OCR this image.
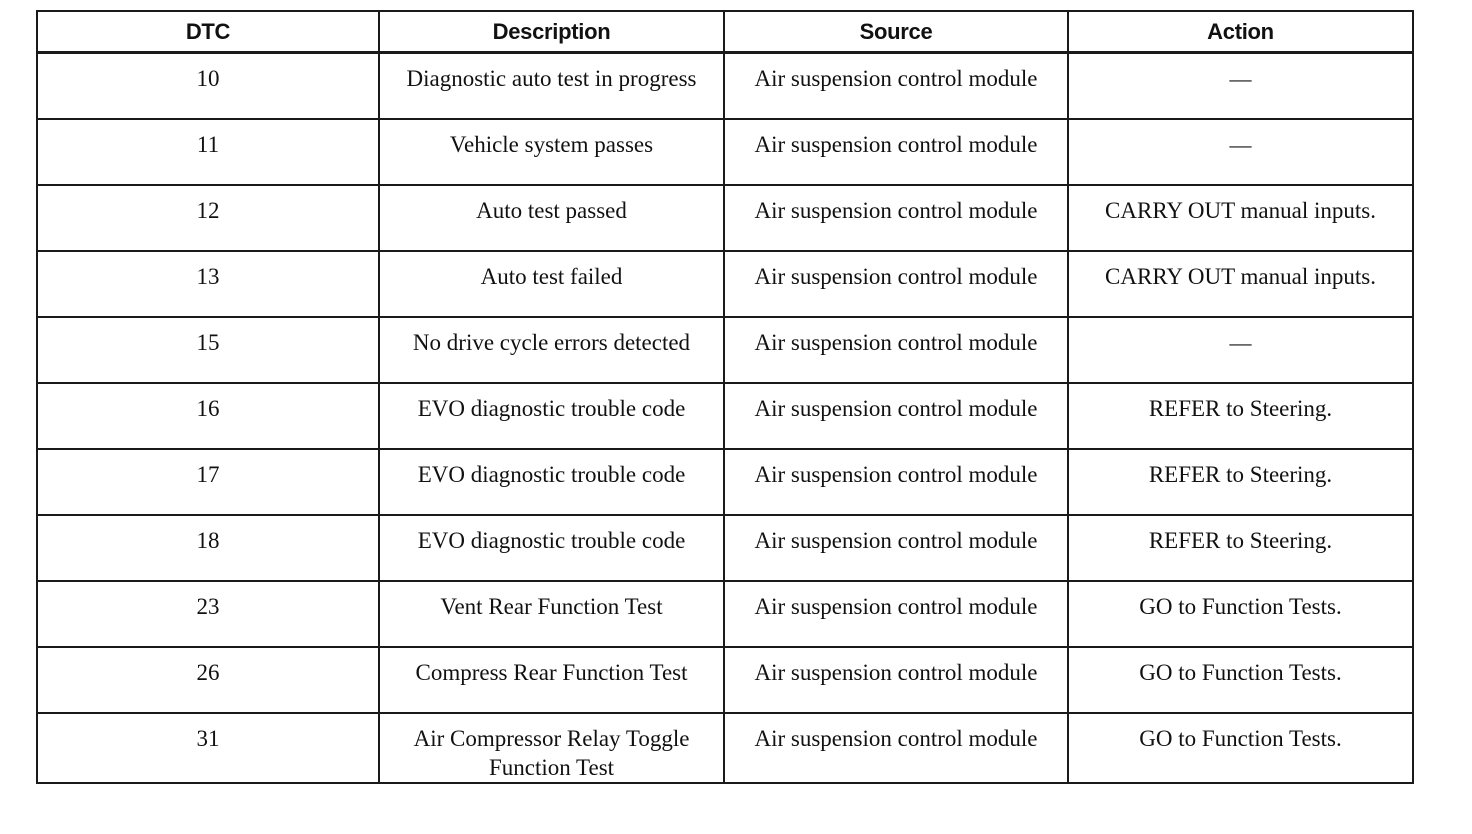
DTC	Description	Source	Action
10	Diagnostic auto test in progress	Air suspension control module	—
11	Vehicle system passes	Air suspension control module	—
12	Auto test passed	Air suspension control module	CARRY OUT manual inputs.
13	Auto test failed	Air suspension control module	CARRY OUT manual inputs.
15	No drive cycle errors detected	Air suspension control module	—
16	EVO diagnostic trouble code	Air suspension control module	REFER to Steering.
17	EVO diagnostic trouble code	Air suspension control module	REFER to Steering.
18	EVO diagnostic trouble code	Air suspension control module	REFER to Steering.
23	Vent Rear Function Test	Air suspension control module	GO to Function Tests.
26	Compress Rear Function Test	Air suspension control module	GO to Function Tests.
31	Air Compressor Relay Toggle Function Test	Air suspension control module	GO to Function Tests.
